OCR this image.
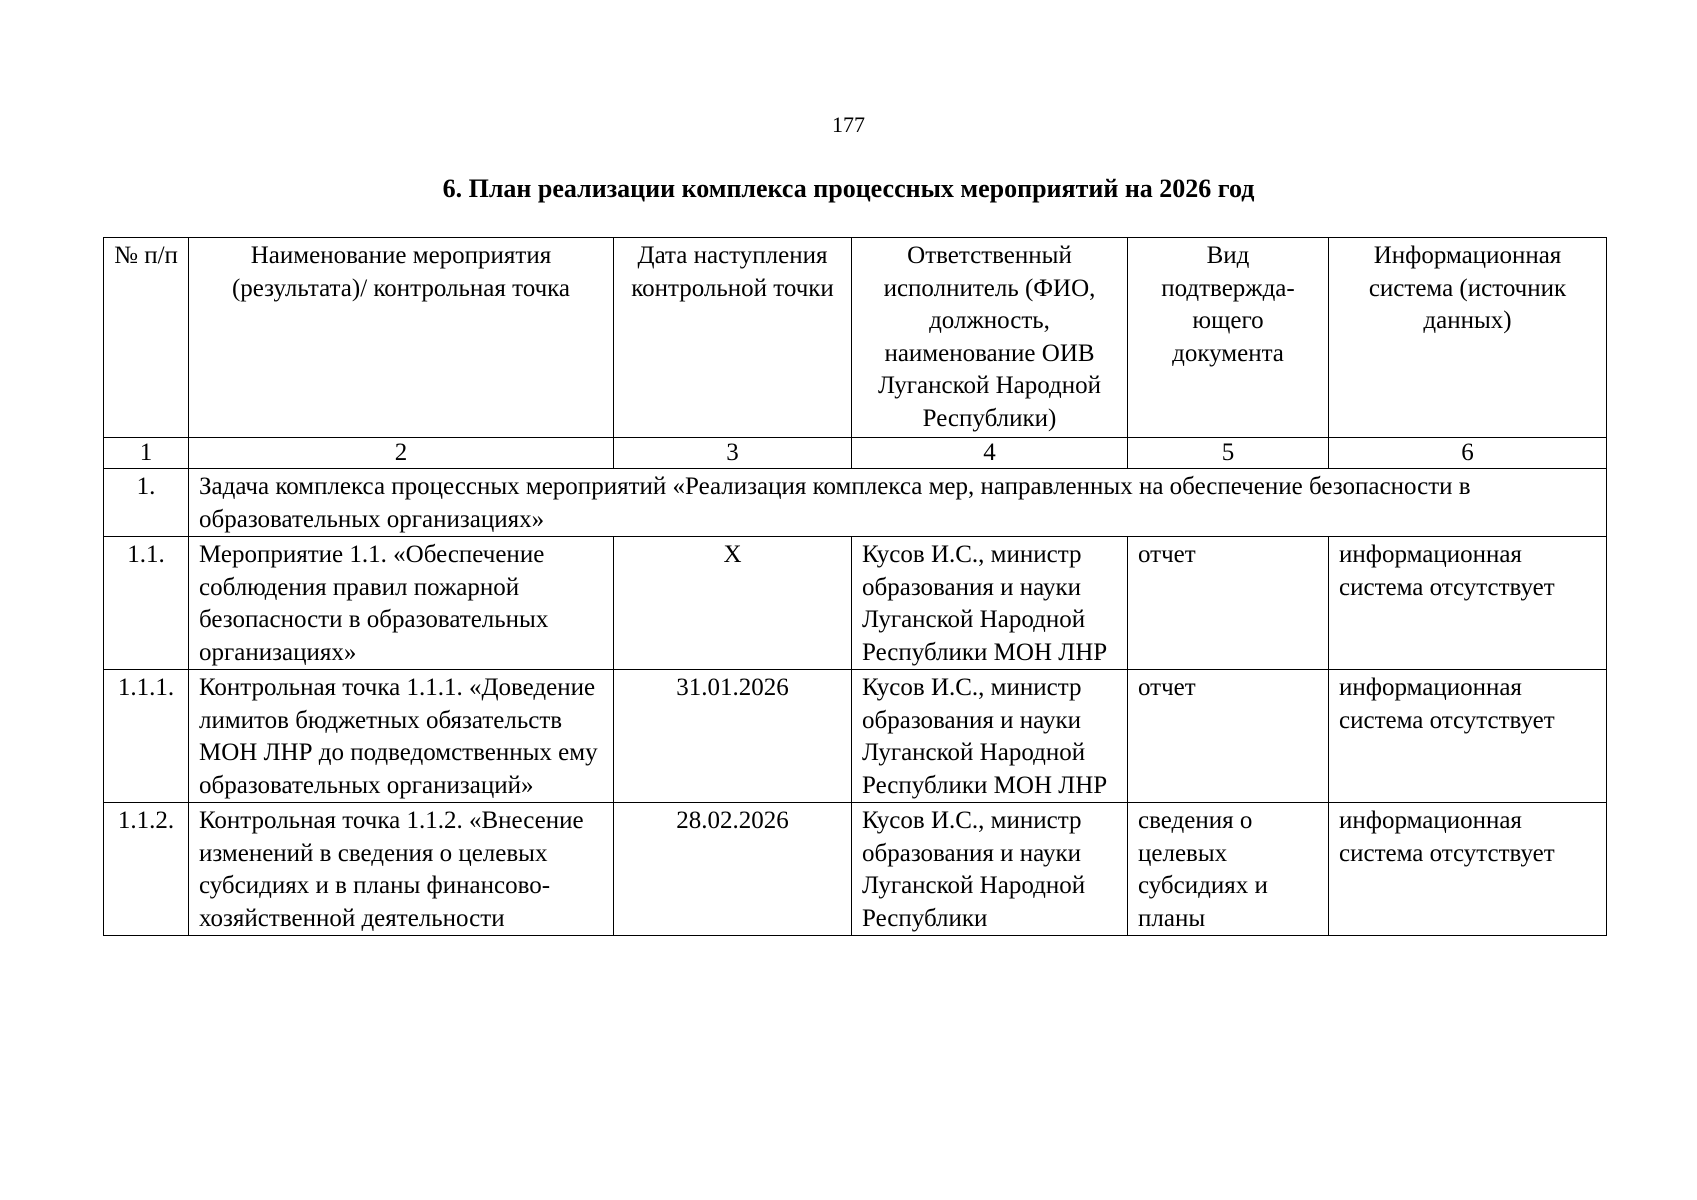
177
6. План реализации комплекса процессных мероприятий на 2026 год
№ п/п	Наименование мероприятия (результата)/ контрольная точка	Дата наступления контрольной точки	Ответственный исполнитель (ФИО, должность, наименование ОИВ Луганской Народной Республики)	Вид подтвержда-ющего документа	Информационная система (источник данных)
1	2	3	4	5	6
1.	Задача комплекса процессных мероприятий «Реализация комплекса мер, направленных на обеспечение безопасности в образовательных организациях»				
1.1.	Мероприятие 1.1. «Обеспечение соблюдения правил пожарной безопасности в образовательных организациях»	X	Кусов И.С., министр образования и науки Луганской Народной Республики МОН ЛНР	отчет	информационная система отсутствует
1.1.1.	Контрольная точка 1.1.1. «Доведение лимитов бюджетных обязательств МОН ЛНР до подведомственных ему образовательных организаций»	31.01.2026	Кусов И.С., министр образования и науки Луганской Народной Республики МОН ЛНР	отчет	информационная система отсутствует
1.1.2.	Контрольная точка 1.1.2. «Внесение изменений в сведения о целевых субсидиях и в планы финансово-хозяйственной деятельности	28.02.2026	Кусов И.С., министр образования и науки Луганской Народной Республики	сведения о целевых субсидиях и планы	информационная система отсутствует
